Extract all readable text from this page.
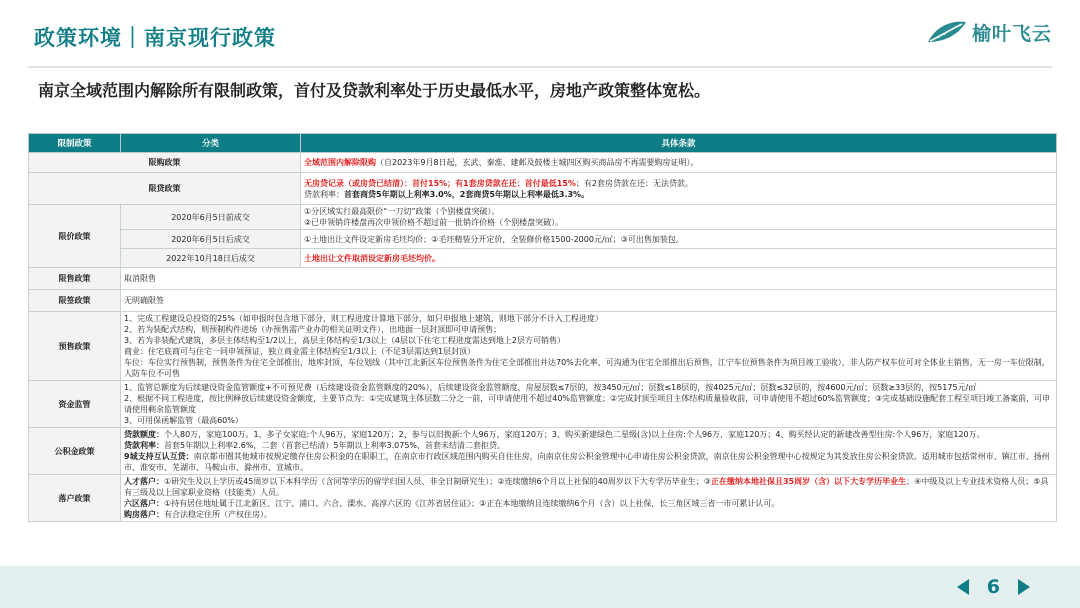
政策环境｜南京现行政策	榆叶飞云
南京全域范围内解除所有限制政策，首付及贷款利率处于历史最低水平，房地产政策整体宽松。
限制政策	分类	具体条款
限购政策		全域范围内解除限购（自2023年9月8日起，玄武、秦淮、建邺及鼓楼主城四区购买商品房不再需要购房证明）。
限贷政策		无房贷记录（或房贷已结清）：首付15%；有1套房贷款在还：首付最低15%；有2套房贷款在还：无法贷款。
贷款利率：首套商贷5年期以上利率3.0%，2套商贷5年期以上利率最低3.3%。

限价政策	2020年6月5日前成交	①分区域实行最高限价“一刀切”政策（个别楼盘突破）。
②已申领销许楼盘再次申领价格不超过前一批销许价格（个别楼盘突破）。

	2020年6月5日后成交	①土地出让文件设定新房毛坯均价；②毛坯精装分开定价，全装修价格1500-2000元/㎡；③可出售加装包。
	2022年10月18日后成交	土地出让文件取消设定新房毛坯均价。
限售政策	取消限售	
限签政策	无明确限签	
预售政策	1、完成工程建设总投资的25%（如申报时包含地下部分，则工程进度计算地下部分，如只申报地上建筑，则地下部分不计入工程进度）
2、若为装配式结构，则预制构件进场（办预售需产业办的相关证明文件），出地面一层封顶即可申请预售；
3、若为非装配式建筑，多层主体结构至1/2以上，高层主体结构至1/3以上（4层以下住宅工程进度需达到地上2层方可销售）
商业：住宅底商可与住宅一同申领预证，独立商业需主体结构至1/3以上（不足3层需达到1层封顶）
车位：车位实行预售制，预售条件为住宅全部推出，地库封顶，车位划线（其中江北新区车位预售条件为住宅全部推出并达70%去化率，可沟通为住宅全部推出后预售，江宁车位预售条件为项目竣工验收），非人防产权车位可对全体业主销售，无一房一车位限制，人防车位不可售	

资金监管	1、监管总额度为后续建设资金监管额度+不可预见费（后续建设资金监管额度的20%），后续建设资金监管额度，房屋层数≤7层的，按3450元/㎡；层数≤18层的，按4025元/㎡；层数≤32层的，按4600元/㎡；层数≥33层的，按5175元/㎡
2、根据不同工程进度，按比例释放后续建设资金额度，主要节点为：①完成建筑主体层数二分之一前，可申请使用不超过40%监管额度；②完成封顶至项目主体结构质量验收前，可申请使用不超过60%监管额度；③完成基础设施配套工程至项目竣工备案前，可申请使用剩余监管额度
3、可用保函解监管（最高60%）	

公积金政策	贷款额度：个人80万，家庭100万。1、多子女家庭:个人96万，家庭120万；2、参与以旧换新:个人96万，家庭120万；3、购买新建绿色二星级(含)以上住房:个人96万，家庭120万；4、购买经认定的新建改善型住房:个人96万，家庭120万。
贷款利率：首套5年期以上利率2.6%，二套（首套已结清）5年期以上利率3.075%，首套未结清二套拒贷。
9城支持互认互贷：南京都市圈其他城市按规定缴存住房公积金的在职职工，在南京市行政区域范围内购买自住住房，向南京住房公积金管理中心申请住房公积金贷款，南京住房公积金管理中心按规定为其发放住房公积金贷款。适用城市包括常州市、镇江市、扬州市、淮安市、芜湖市、马鞍山市、滁州市、宣城市。	

落户政策	人才落户：①研究生及以上学历或45周岁以下本科学历（含同等学历的留学归国人员、非全日制研究生）；②连续缴纳6个月以上社保的40周岁以下大专学历毕业生；③正在缴纳本地社保且35周岁（含）以下大专学历毕业生；④中级及以上专业技术资格人员；⑤具有三级及以上国家职业资格（技能类）人员。
六区落户：①持有居住地址属于江北新区、江宁、浦口、六合、溧水、高淳六区的《江苏省居住证》；②正在本地缴纳且连续缴纳6个月（含）以上社保，长三角区域三省一市可累计认可。
购房落户：有合法稳定住所（产权住房）。	
6
